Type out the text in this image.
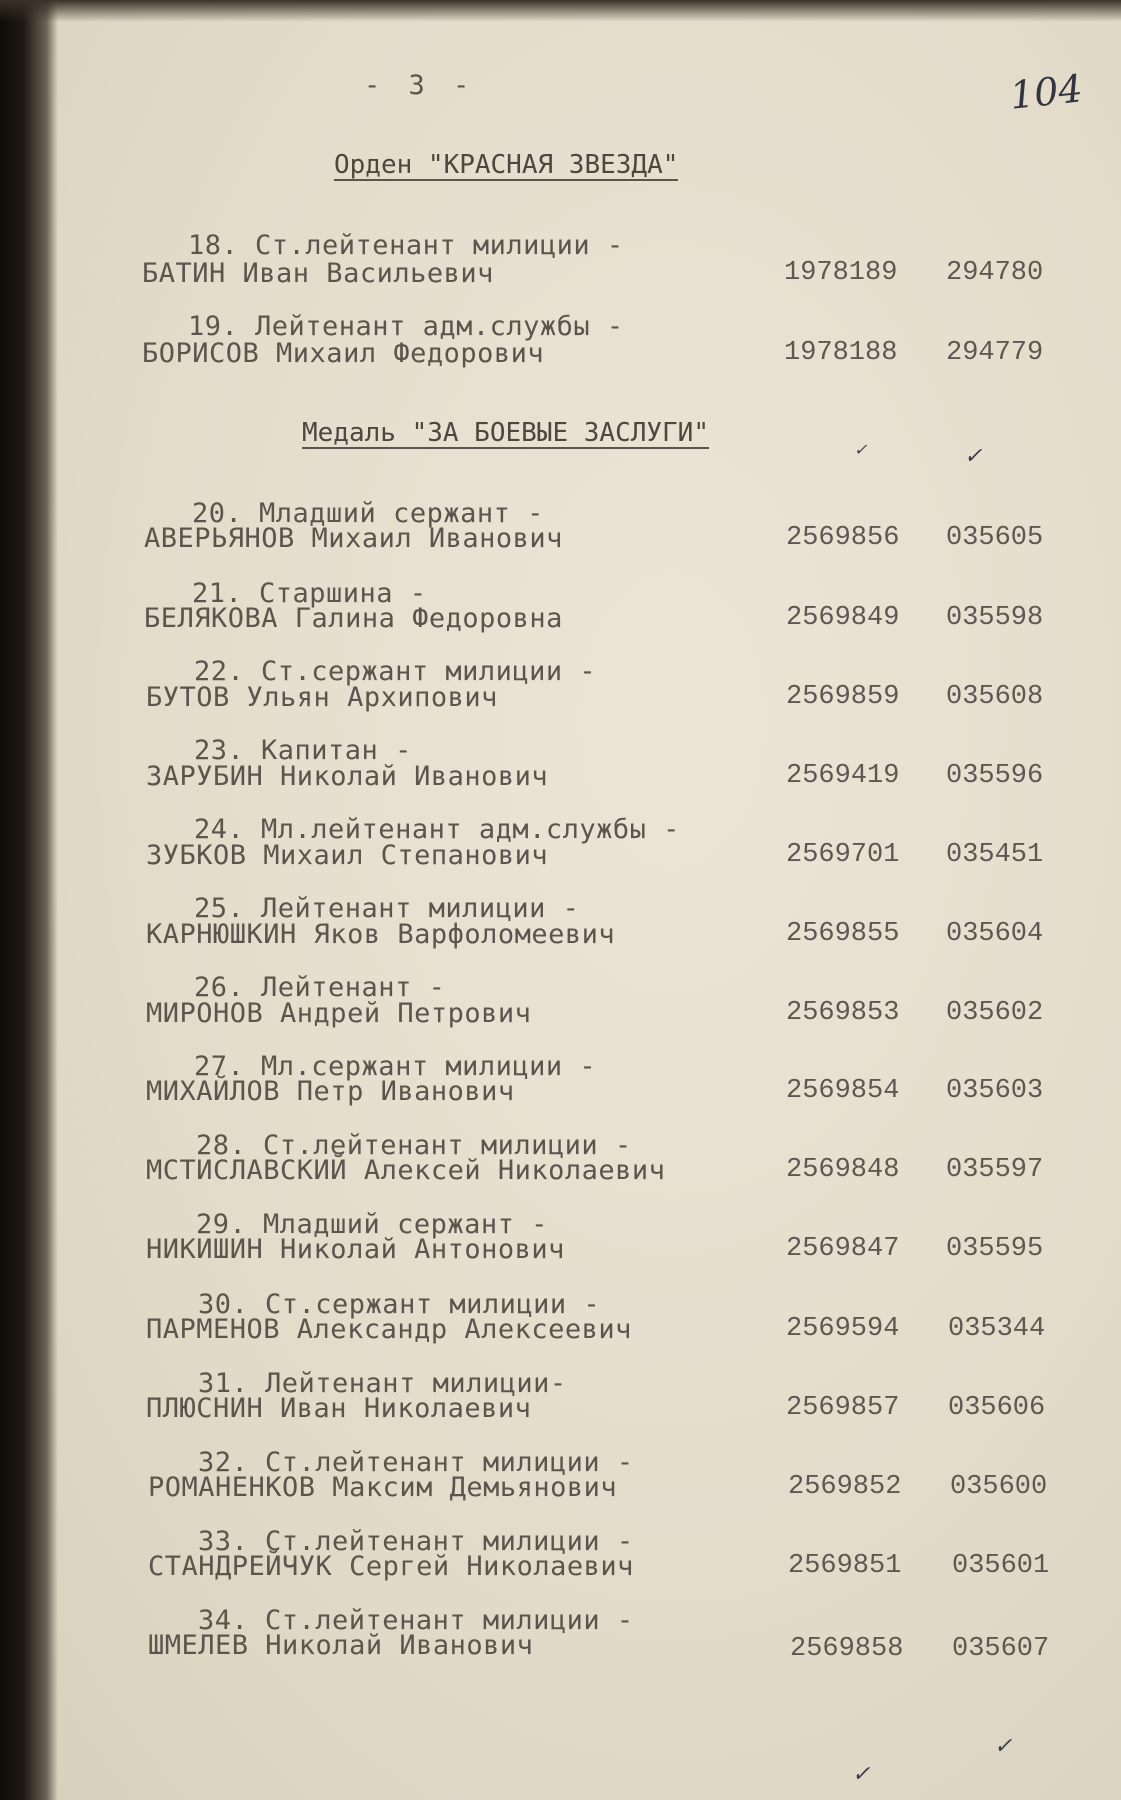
- 3 -	104
Орден "КРАСНАЯ ЗВЕЗДА"
Медаль "ЗА БОЕВЫЕ ЗАСЛУГИ"
18. Ст.лейтенант милиции -
БАТИН Иван Васильевич	1978189 294780
19. Лейтенант адм.службы -
БОРИСОВ Михаил Федорович	1978188 294779
✓	✓
20. Младший сержант -
АВЕРЬЯНОВ Михаил Иванович	2569856 035605
21. Старшина -
БЕЛЯКОВА Галина Федоровна	2569849 035598
22. Ст.сержант милиции -
БУТОВ Ульян Архипович	2569859 035608
23. Капитан -
ЗАРУБИН Николай Иванович	2569419 035596
24. Мл.лейтенант адм.службы -
ЗУБКОВ Михаил Степанович	2569701 035451
25. Лейтенант милиции -
КАРНЮШКИН Яков Варфоломеевич	2569855 035604
26. Лейтенант -
МИРОНОВ Андрей Петрович	2569853 035602
27. Мл.сержант милиции -
МИХАЙЛОВ Петр Иванович	2569854 035603
28. Ст.лейтенант милиции -
МСТИСЛАВСКИЙ Алексей Николаевич	2569848 035597
29. Младший сержант -
НИКИШИН Николай Антонович	2569847 035595
30. Ст.сержант милиции -
ПАРМЕНОВ Александр Алексеевич	2569594 035344
31. Лейтенант милиции-
ПЛЮСНИН Иван Николаевич	2569857 035606
32. Ст.лейтенант милиции -
РОМАНЕНКОВ Максим Демьянович	2569852 035600
33. Ст.лейтенант милиции -
СТАНДРЕЙЧУК Сергей Николаевич	2569851 035601
34. Ст.лейтенант милиции -
ШМЕЛЕВ Николай Иванович	2569858 035607
✓
✓
